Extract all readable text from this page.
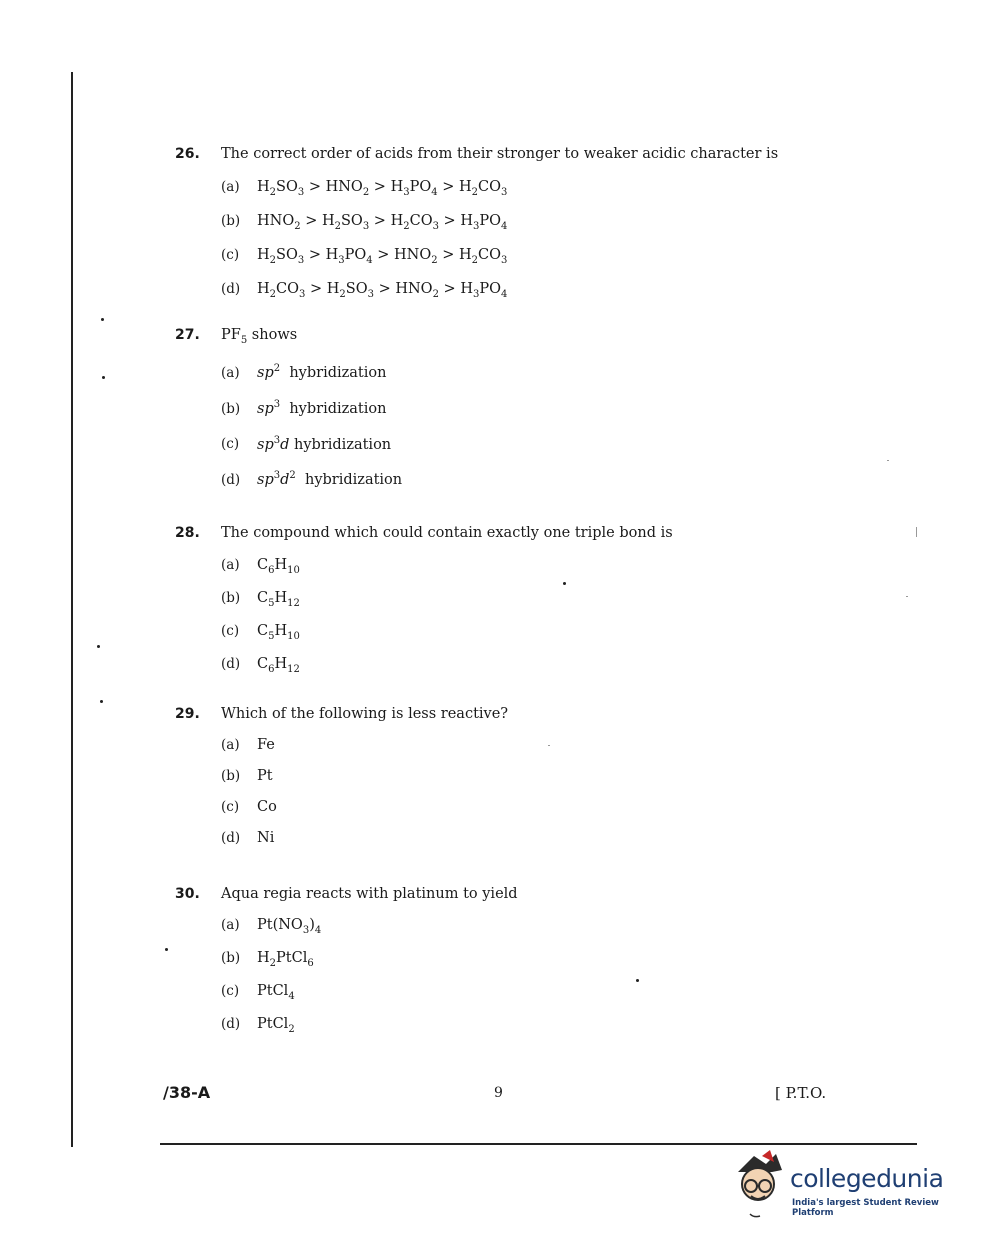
26.	The correct order of acids from their stronger to weaker acidic character is
(a)	$H_2SO_3 > HNO_2 > H_3PO_4 > H_2CO_3$
(b)	$HNO_2 > H_2SO_3 > H_2CO_3 > H_3PO_4$
(c)	$H_2SO_3 > H_3PO_4 > HNO_2 > H_2CO_3$
(d)	$H_2CO_3 > H_2SO_3 > HNO_2 > H_3PO_4$
27.	$PF_5$ shows
(a)	$sp^2$  hybridization
(b)	$sp^3$  hybridization
(c)	$sp^3d$ hybridization
(d)	$sp^3d^2$  hybridization
28.	The compound which could contain exactly one triple bond is
(a)	$C_6H_{10}$
(b)	$C_5H_{12}$
(c)	$C_5H_{10}$
(d)	$C_6H_{12}$
29.	Which of the following is less reactive?
(a)	Fe
(b)	Pt
(c)	Co
(d)	Ni
30.	Aqua regia reacts with platinum to yield
(a)	$Pt(NO_3)_4$
(b)	$H_2PtCl_6$
(c)	PtCl$_4$
(d)	PtCl$_2$
/38-A	9	[ P.T.O.
collegedunia
India's largest Student Review Platform
